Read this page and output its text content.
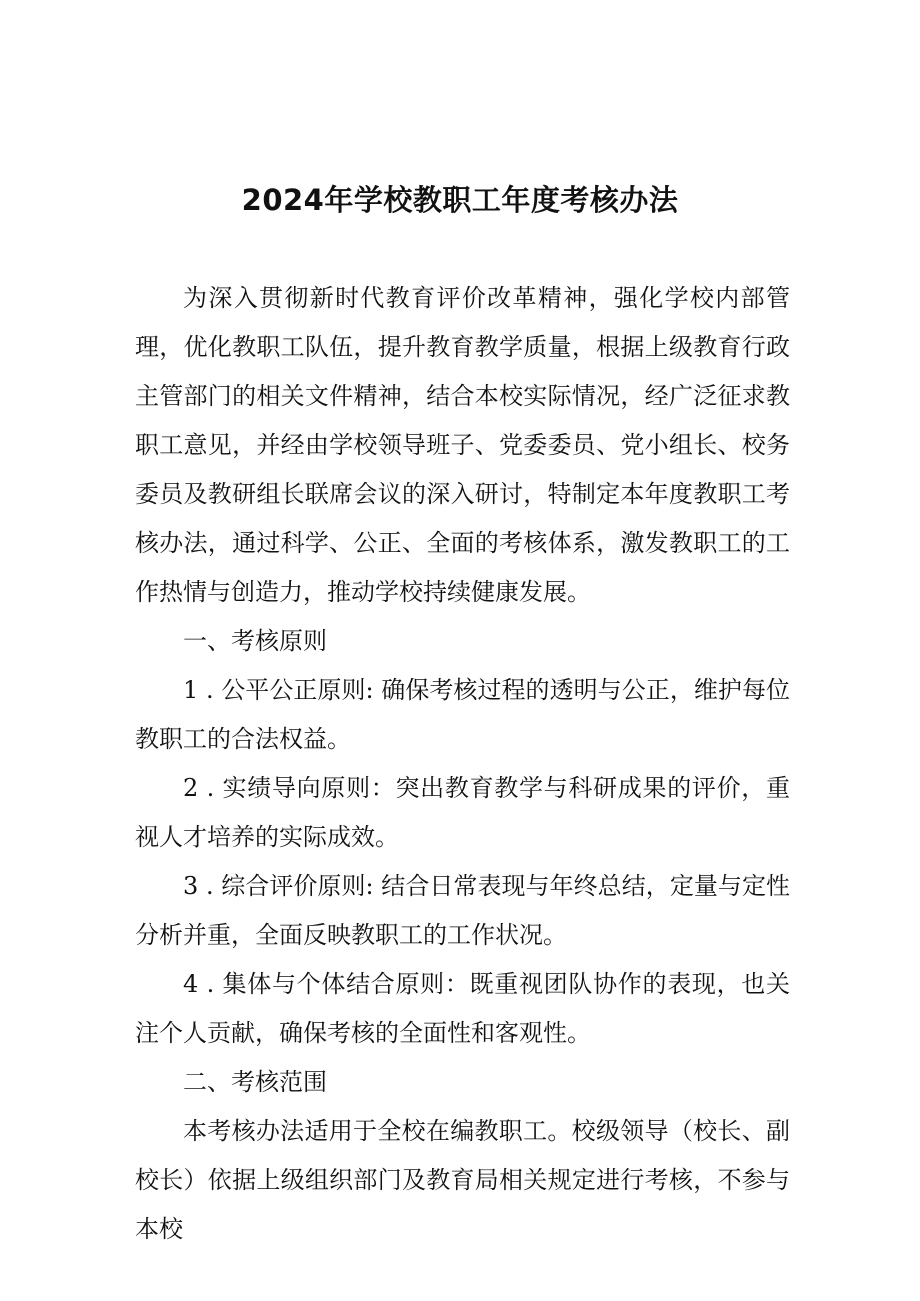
2024年学校教职工年度考核办法

为深入贯彻新时代教育评价改革精神，强化学校内部管理，优化教职工队伍，提升教育教学质量，根据上级教育行政主管部门的相关文件精神，结合本校实际情况，经广泛征求教职工意见，并经由学校领导班子、党委委员、党小组长、校务委员及教研组长联席会议的深入研讨，特制定本年度教职工考核办法，通过科学、公正、全面的考核体系，激发教职工的工作热情与创造力，推动学校持续健康发展。

一、考核原则

1 . 公平公正原则: 确保考核过程的透明与公正，维护每位教职工的合法权益。

2 . 实绩导向原则：突出教育教学与科研成果的评价，重视人才培养的实际成效。

3 . 综合评价原则: 结合日常表现与年终总结，定量与定性分析并重，全面反映教职工的工作状况。

4 . 集体与个体结合原则：既重视团队协作的表现，也关注个人贡献，确保考核的全面性和客观性。

二、考核范围

本考核办法适用于全校在编教职工。校级领导（校长、副校长）依据上级组织部门及教育局相关规定进行考核，不参与本校
